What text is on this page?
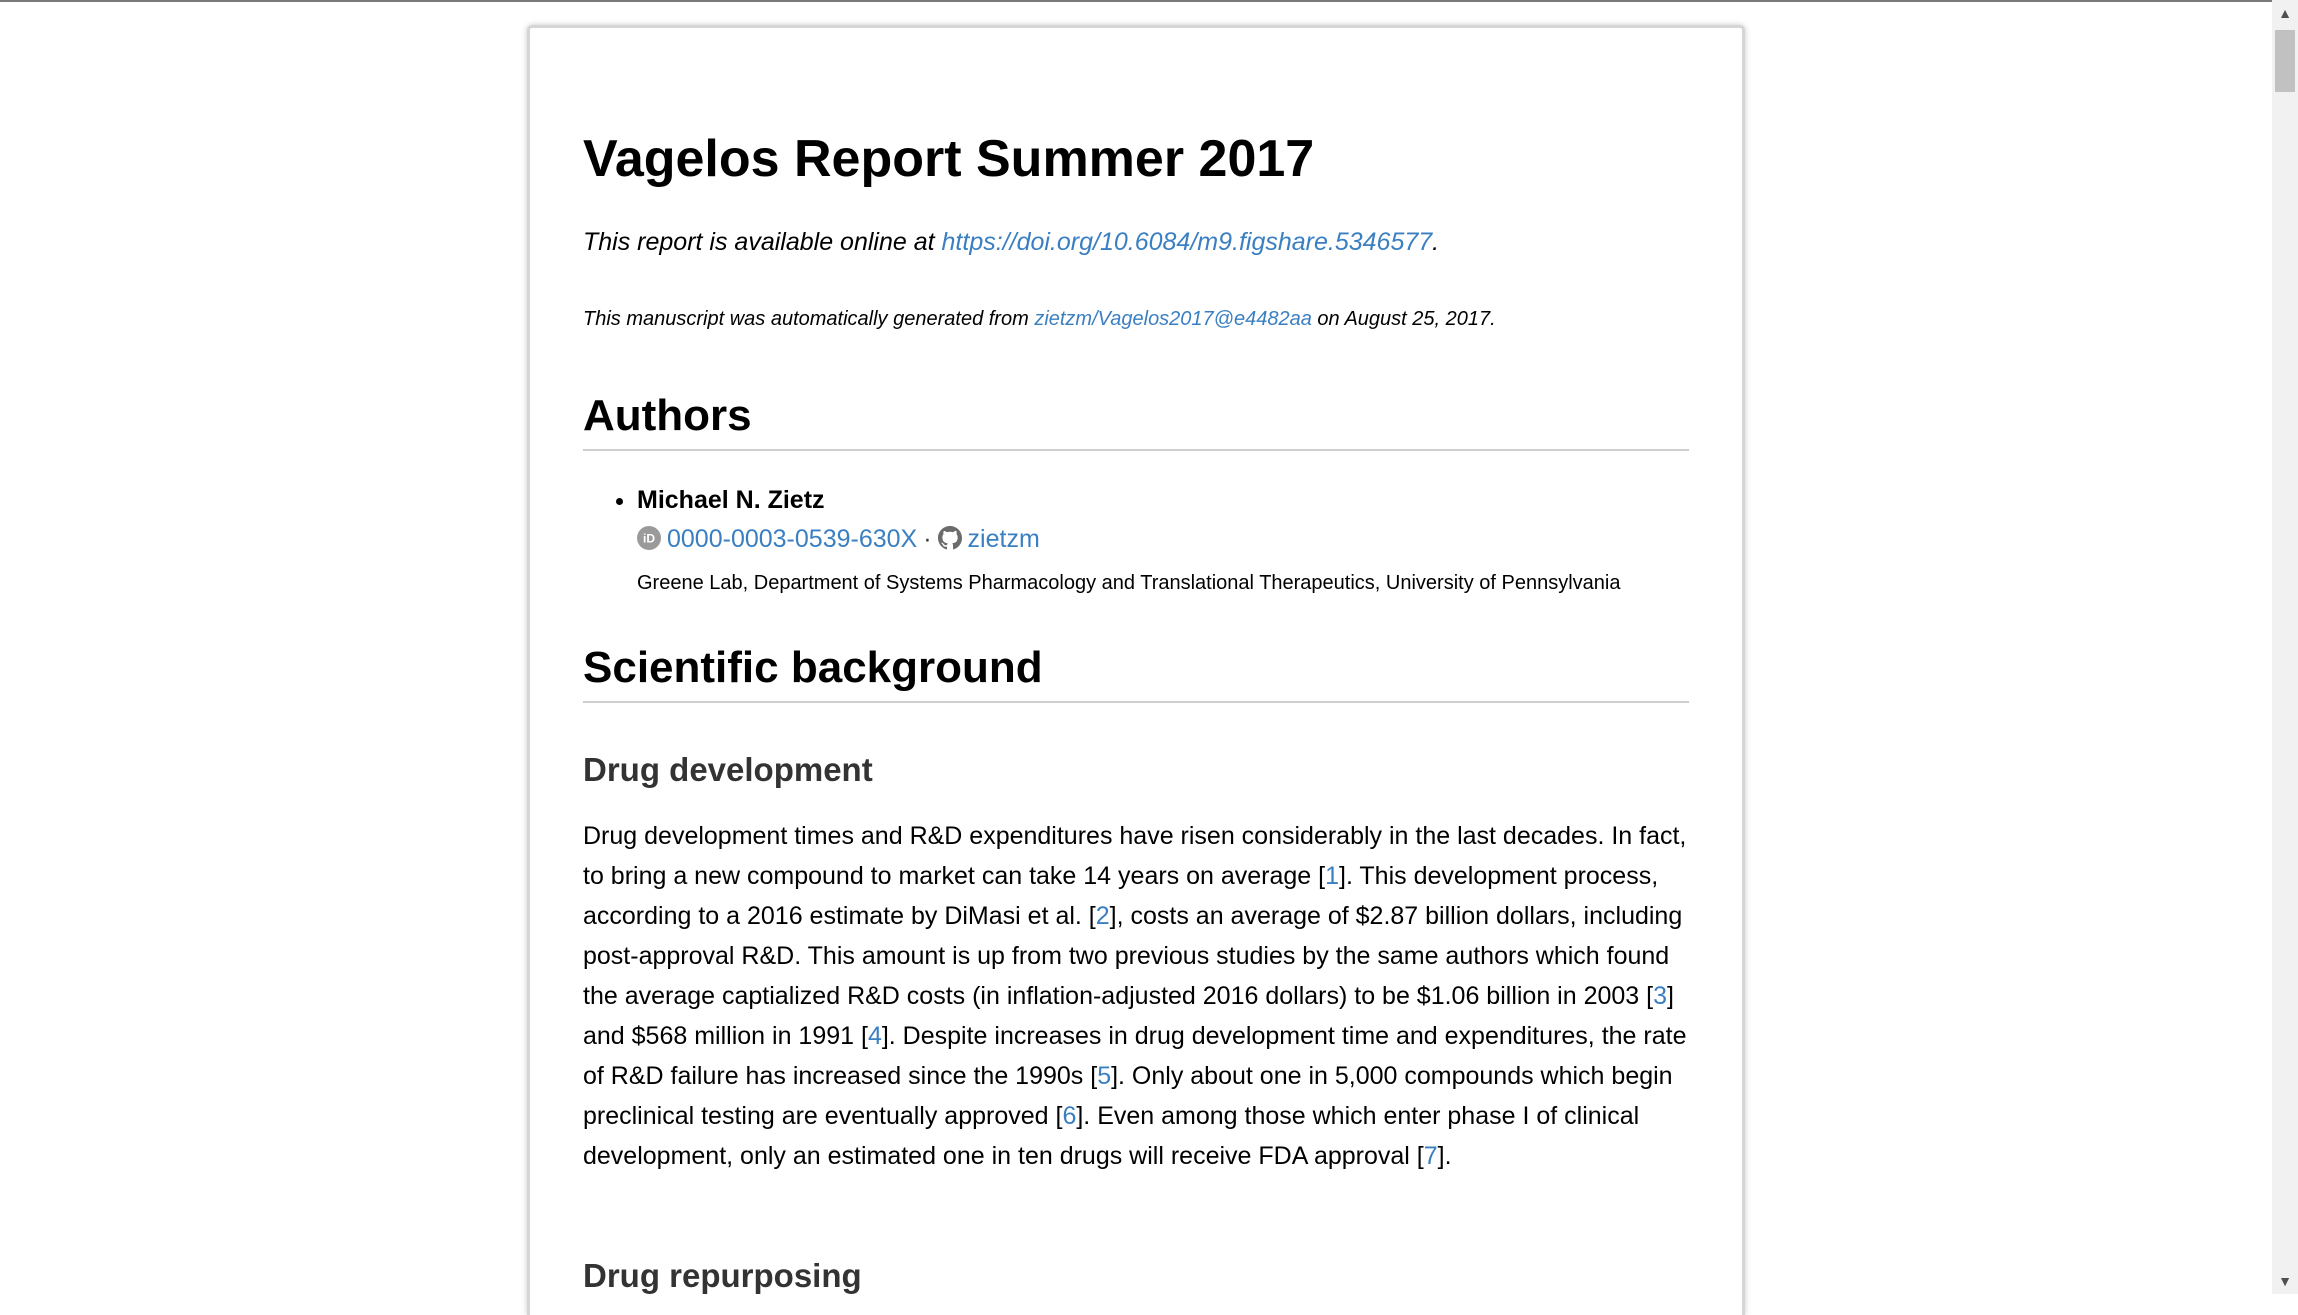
Vagelos Report Summer 2017
This report is available online at https://doi.org/10.6084/m9.figshare.5346577.
This manuscript was automatically generated from zietzm/Vagelos2017@e4482aa on August 25, 2017.
Authors
• Michael N. Zietz
iD 0000-0003-0539-630X · zietzm
Greene Lab, Department of Systems Pharmacology and Translational Therapeutics, University of Pennsylvania
Scientific background
Drug development

Drug development times and R&D expenditures have risen considerably in the last decades. In fact, to bring a new compound to market can take 14 years on average [1]. This development process, according to a 2016 estimate by DiMasi et al. [2], costs an average of $2.87 billion dollars, including post-approval R&D. This amount is up from two previous studies by the same authors which found the average captialized R&D costs (in inflation-adjusted 2016 dollars) to be $1.06 billion in 2003 [3] and $568 million in 1991 [4]. Despite increases in drug development time and expenditures, the rate of R&D failure has increased since the 1990s [5]. Only about one in 5,000 compounds which begin preclinical testing are eventually approved [6]. Even among those which enter phase I of clinical development, only an estimated one in ten drugs will receive FDA approval [7].

Drug repurposing
▲
▼
